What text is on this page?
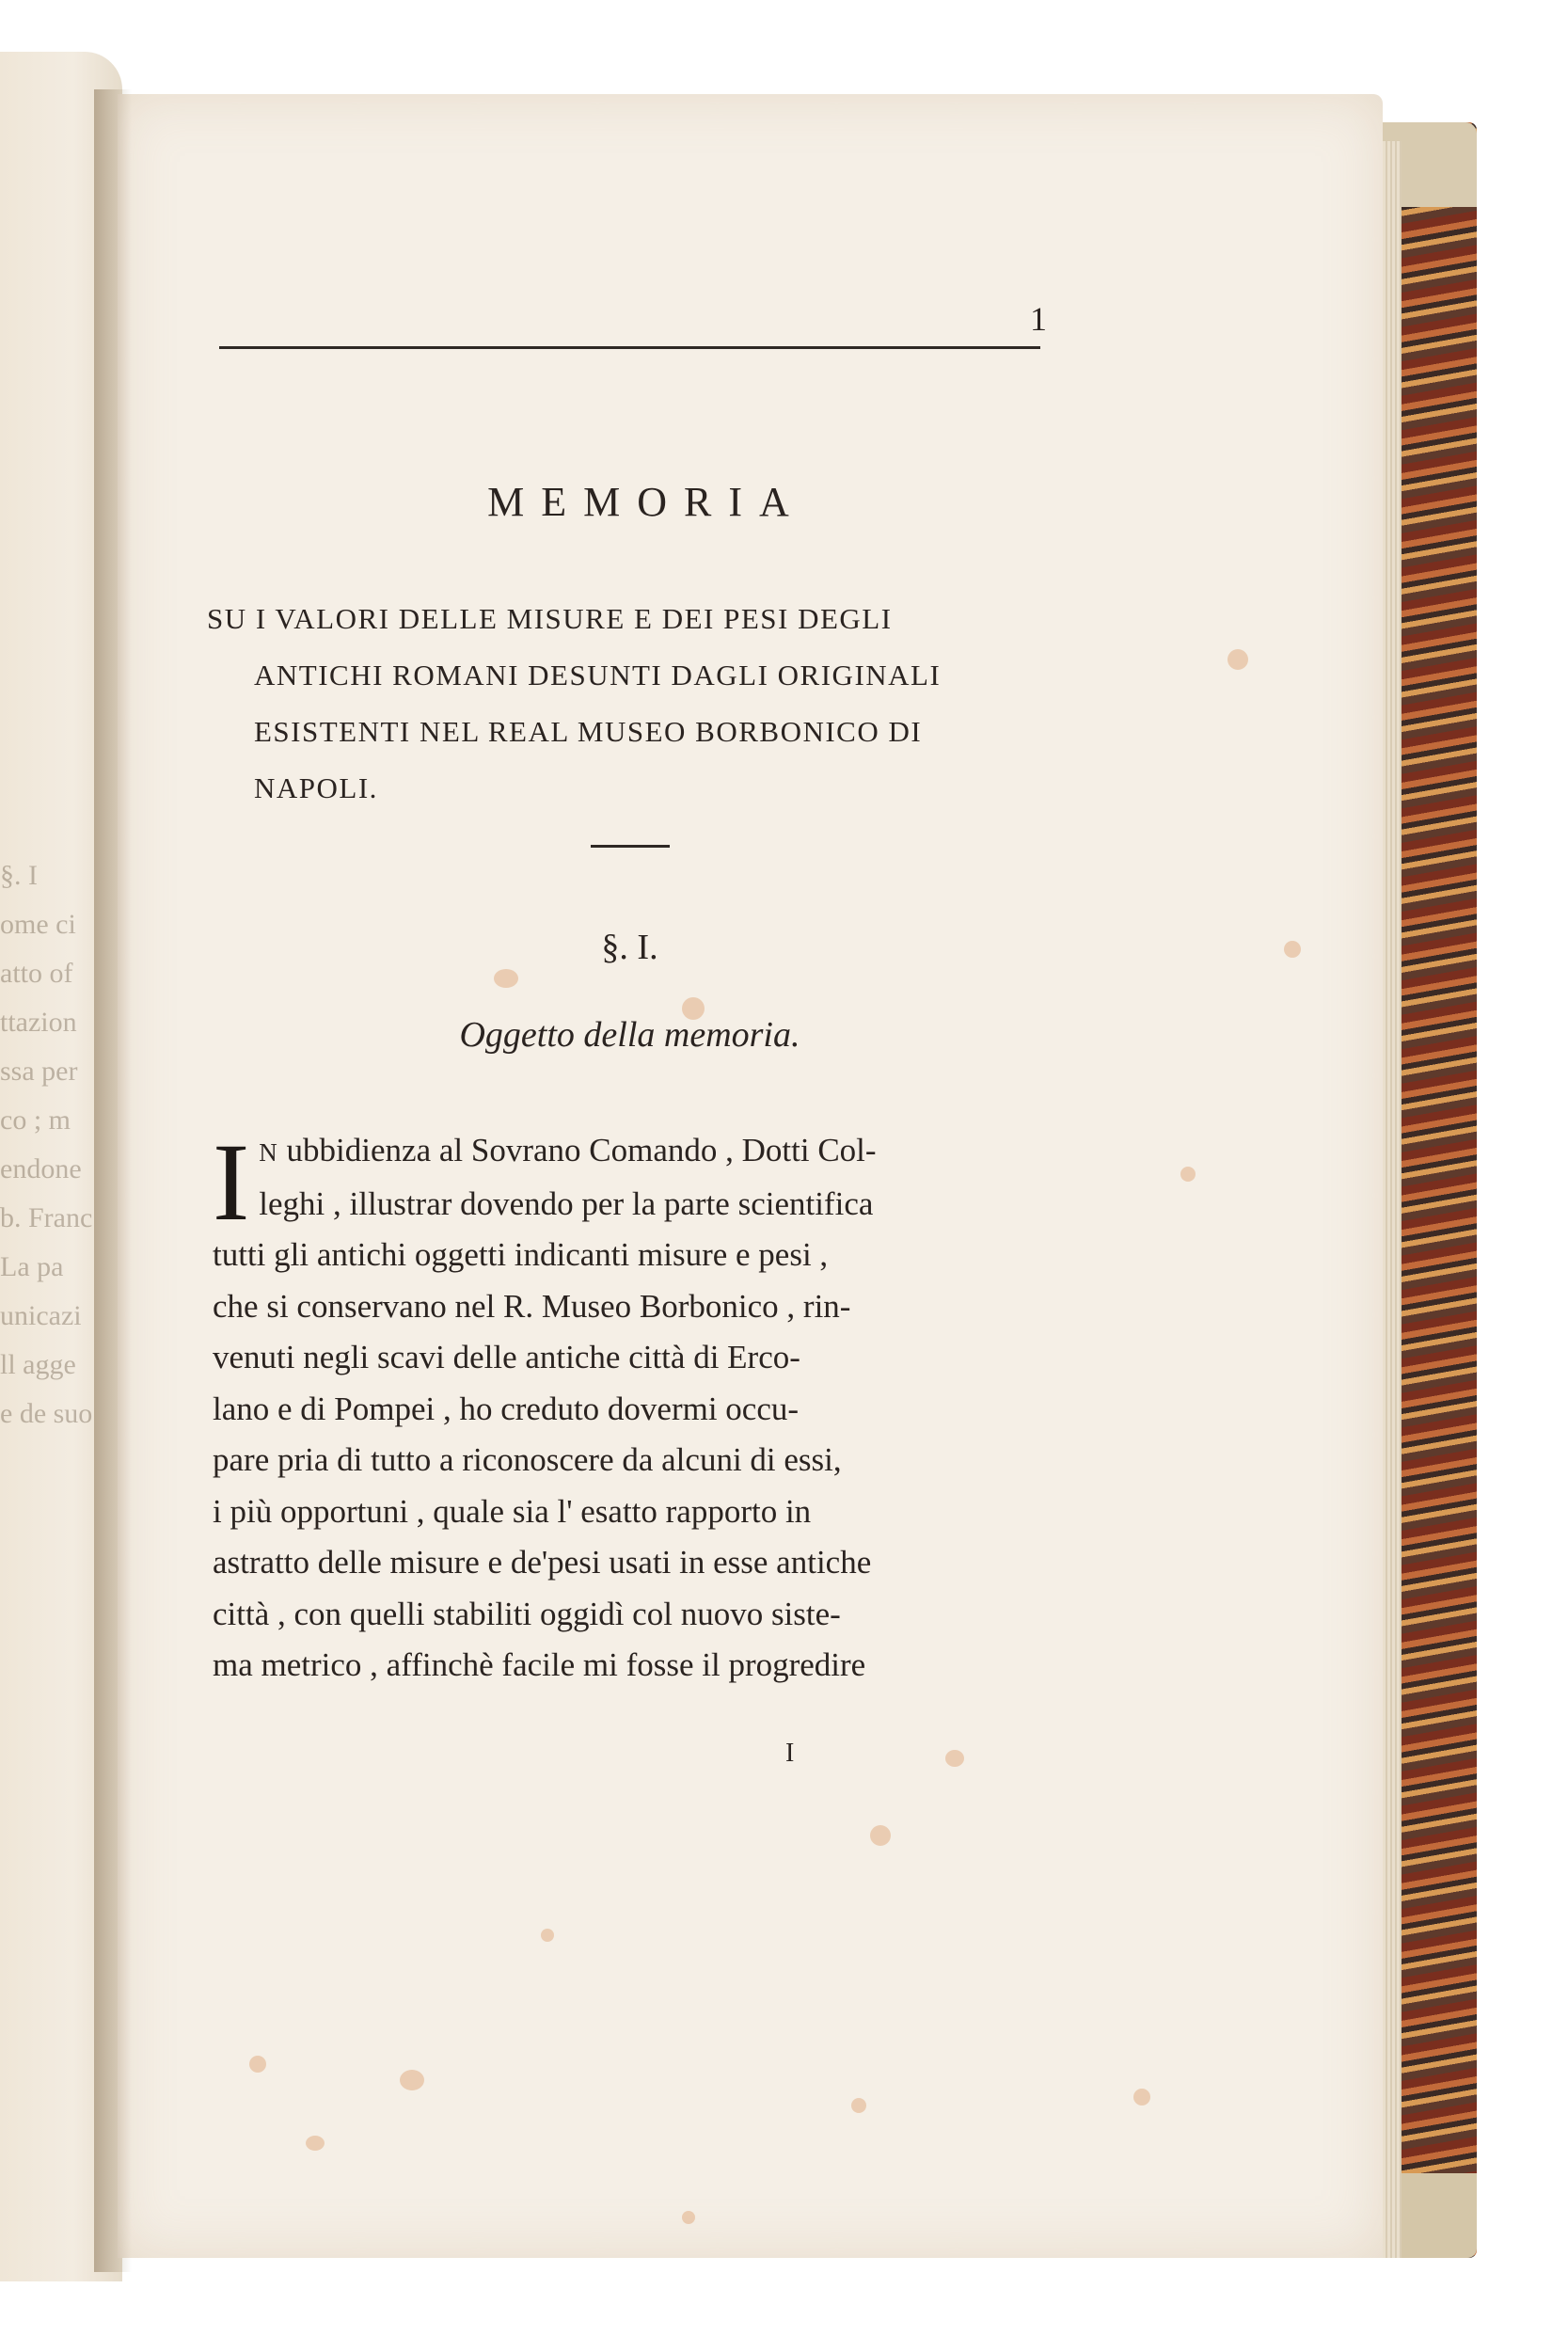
§. I
ome ci
atto of
ttazion
ssa per
co ; m
endone
b. Franc
La pa
unicazi
ll agge
e de suo
1
MEMORIA
SU I VALORI DELLE MISURE E DEI PESI DEGLI
ANTICHI ROMANI DESUNTI DAGLI ORIGINALI
ESISTENTI NEL REAL MUSEO BORBONICO DI
NAPOLI.
§. I.
Oggetto della memoria.
I N ubbidienza al Sovrano Comando , Dotti Col-
leghi , illustrar dovendo per la parte scientifica
tutti gli antichi oggetti indicanti misure e pesi ,
che si conservano nel R. Museo Borbonico , rin-
venuti negli scavi delle antiche città di Erco-
lano e di Pompei , ho creduto dovermi occu-
pare pria di tutto a riconoscere da alcuni di essi,
i più opportuni , quale sia l' esatto rapporto in
astratto delle misure e de'pesi usati in esse antiche
città , con quelli stabiliti oggidì col nuovo siste-
ma metrico , affinchè facile mi fosse il progredire
I
